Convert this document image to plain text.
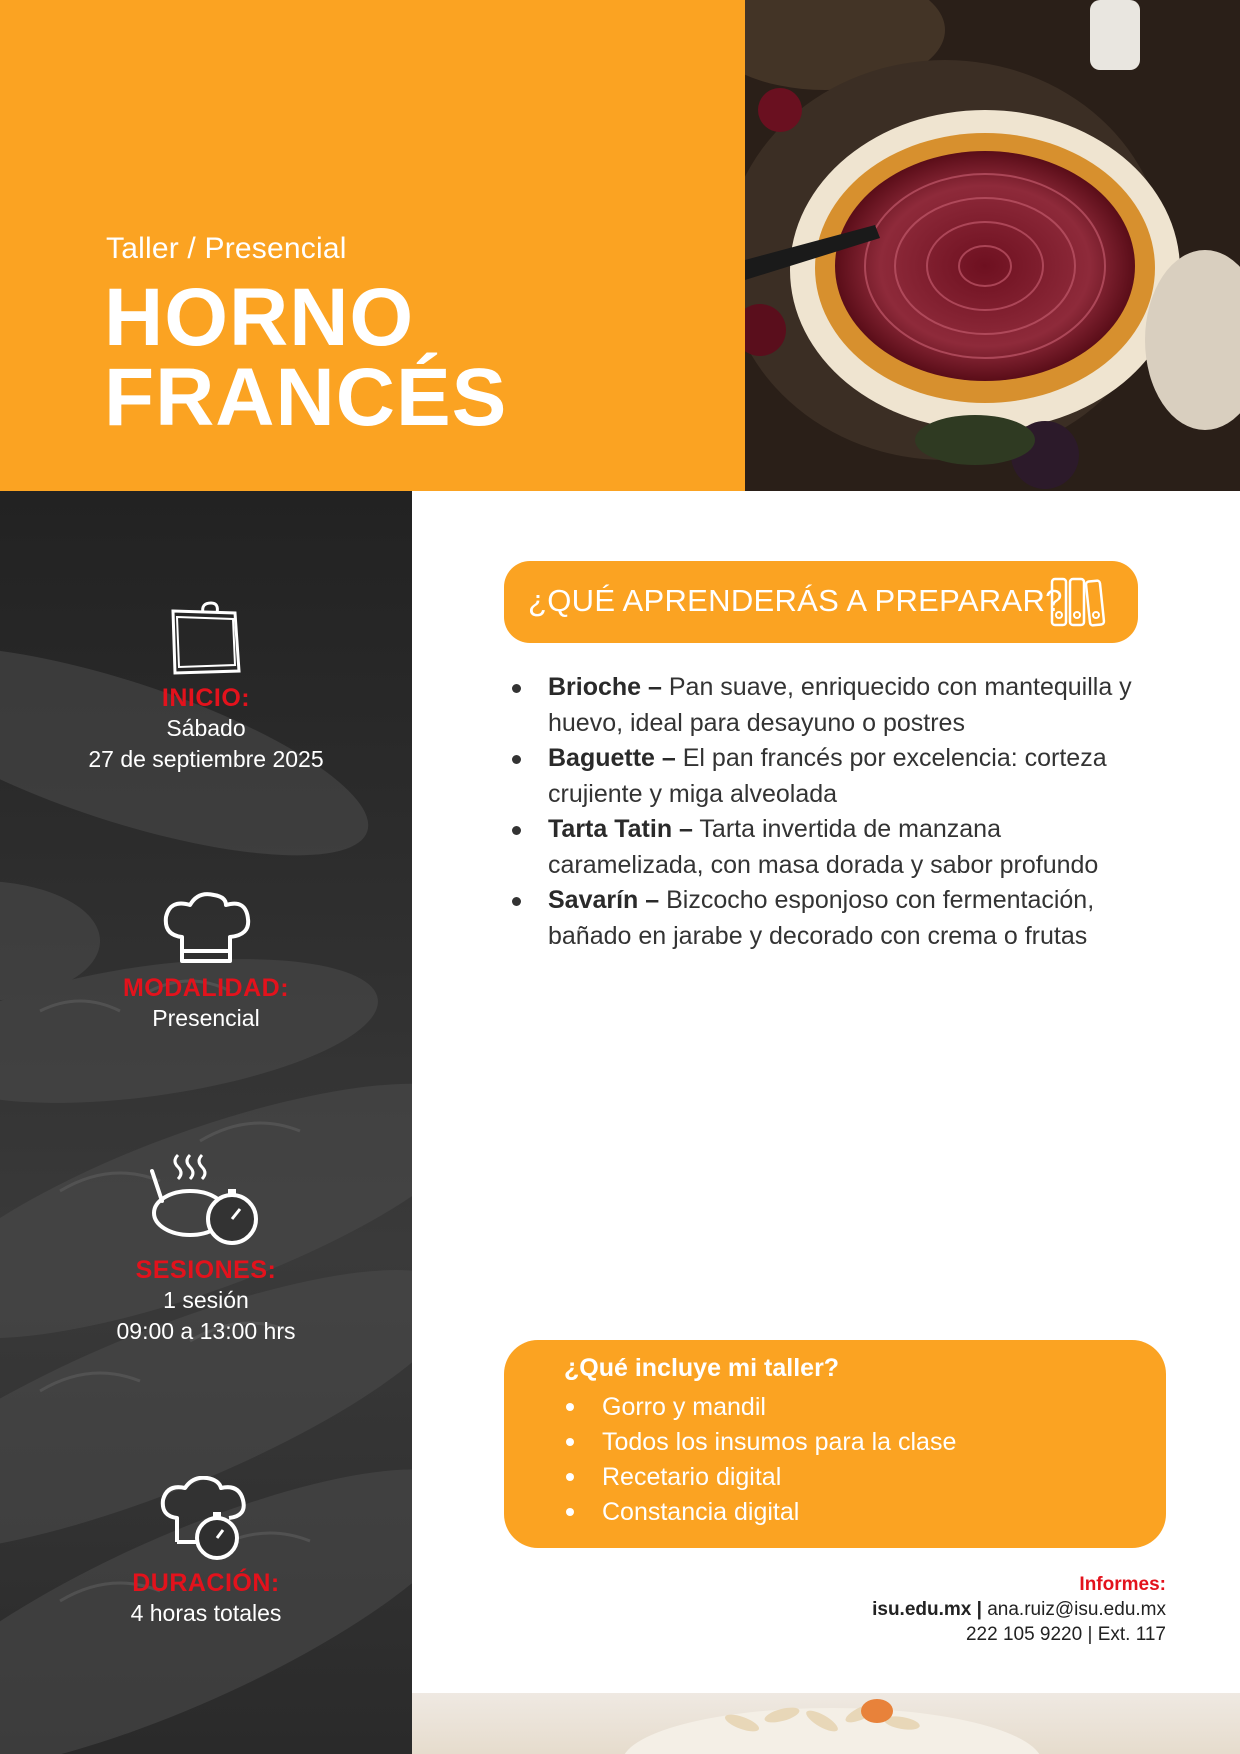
Taller / Presencial
HORNO
FRANCÉS
INICIO:
Sábado
27 de septiembre 2025
MODALIDAD:
Presencial
SESIONES:
1 sesión
09:00 a 13:00 hrs
DURACIÓN:
4 horas totales
¿QUÉ APRENDERÁS A PREPARAR?
Brioche – Pan suave, enriquecido con mantequilla y huevo, ideal para desayuno o postres
Baguette – El pan francés por excelencia: corteza crujiente y miga alveolada
Tarta Tatin – Tarta invertida de manzana caramelizada, con masa dorada y sabor profundo
Savarín – Bizcocho esponjoso con fermentación, bañado en jarabe y decorado con crema o frutas
¿Qué incluye mi taller?
Gorro y mandil
Todos los insumos para la clase
Recetario digital
Constancia digital
Informes:
isu.edu.mx | ana.ruiz@isu.edu.mx
222 105 9220 | Ext. 117
